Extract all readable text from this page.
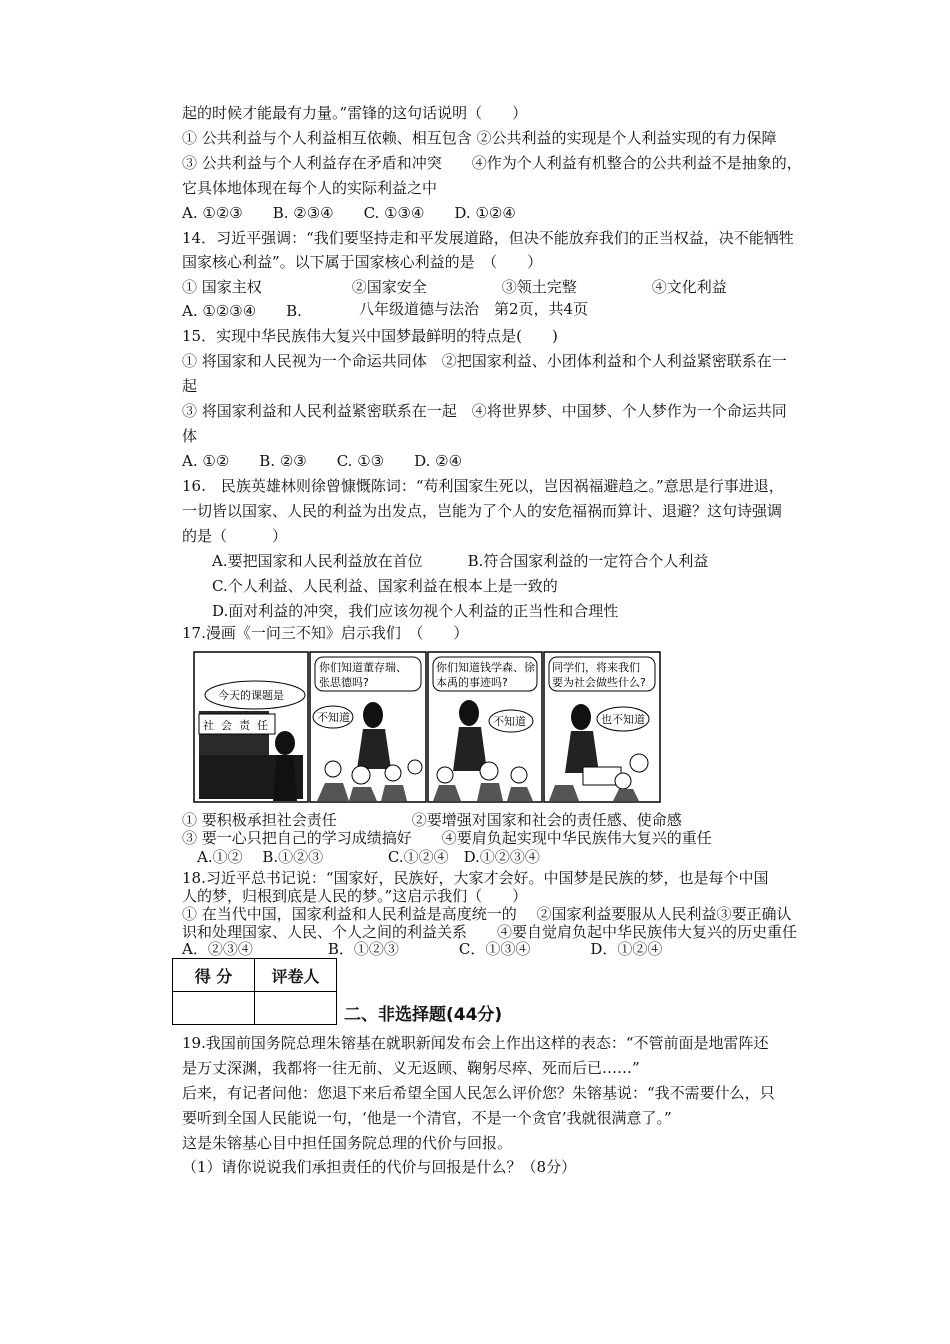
起的时候才能最有力量。”雷锋的这句话说明（　　）
① 公共利益与个人利益相互依赖、相互包含 ②公共利益的实现是个人利益实现的有力保障
③ 公共利益与个人利益存在矛盾和冲突　　④作为个人利益有机整合的公共利益不是抽象的，
它具体地体现在每个人的实际利益之中
A. ①②③　　B. ②③④　　C. ①③④　　D. ①②④
14．习近平强调：“我们要坚持走和平发展道路，但决不能放弃我们的正当权益，决不能牺牲
国家核心利益”。以下属于国家核心利益的是　（　　）
① 国家主权　　　　　　②国家安全　　　　　③领土完整　　　　　④文化利益
A. ①②③④　　B.	八年级道德与法治　第2页，共4页
15．实现中华民族伟大复兴中国梦最鲜明的特点是(　　)
① 将国家和人民视为一个命运共同体　②把国家利益、小团体利益和个人利益紧密联系在一
起
③ 将国家利益和人民利益紧密联系在一起　④将世界梦、中国梦、个人梦作为一个命运共同
体
A. ①②　　B. ②③　　C. ①③　　D. ②④
16.　民族英雄林则徐曾慷慨陈词：“苟利国家生死以，岂因祸福避趋之。”意思是行事进退，
一切皆以国家、人民的利益为出发点，岂能为了个人的安危福祸而算计、退避？这句诗强调
的是（　　　）
　　A.要把国家和人民利益放在首位　　　B.符合国家利益的一定符合个人利益
　　C.个人利益、人民利益、国家利益在根本上是一致的
　　D.面对利益的冲突，我们应该勿视个人利益的正当性和合理性
17.漫画《一问三不知》启示我们　（　　）
社 会 责 任
今天的课题是
你们知道董存瑞、
张思德吗?
不知道
你们知道钱学森、徐
本禹的事迹吗?
不知道
同学们，将来我们
要为社会做些什么?
也不知道
① 要积极承担社会责任　　　　　②要增强对国家和社会的责任感、使命感
③ 要一心只把自己的学习成绩搞好　　④要肩负起实现中华民族伟大复兴的重任
　A.①②　 B.①②③　　　　 C.①②④　D.①②③④
18.习近平总书记说：“国家好，民族好，大家才会好。中国梦是民族的梦，也是每个中国
人的梦，归根到底是人民的梦。”这启示我们（　　）
① 在当代中国，国家利益和人民利益是高度统一的　 ②国家利益要服从人民利益③要正确认
识和处理国家、人民、个人之间的利益关系　　④要自觉肩负起中华民族伟大复兴的历史重任
A．②③④　　　　　B．①②③　　　　C．①③④　　　　D．①②④
得 分	评卷人

二、非选择题(44分)
19.我国前国务院总理朱镕基在就职新闻发布会上作出这样的表态：“不管前面是地雷阵还
是万丈深渊，我都将一往无前、义无返顾、鞠躬尽瘁、死而后已……”
后来，有记者问他：您退下来后希望全国人民怎么评价您？朱镕基说：“我不需要什么，只
要听到全国人民能说一句，‘他是一个清官，不是一个贪官’我就很满意了。”
这是朱镕基心目中担任国务院总理的代价与回报。
（1）请你说说我们承担责任的代价与回报是什么？（8分）
